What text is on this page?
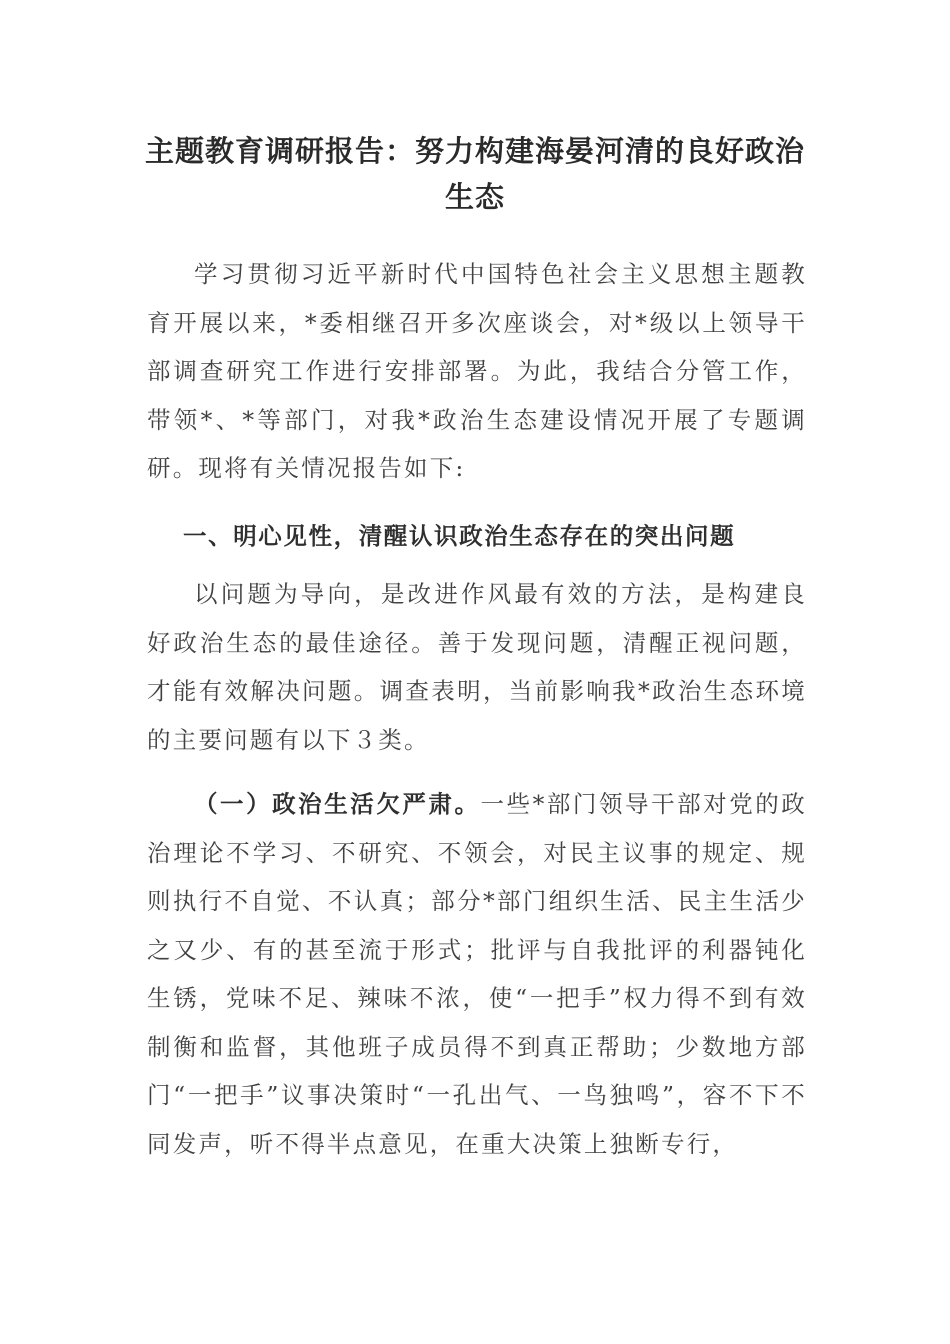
主题教育调研报告：努力构建海晏河清的良好政治
生态
学习贯彻习近平新时代中国特色社会主义思想主题教育开展以来，*委相继召开多次座谈会，对*级以上领导干部调查研究工作进行安排部署。为此，我结合分管工作，带领*、*等部门，对我*政治生态建设情况开展了专题调研。现将有关情况报告如下:
一、明心见性，清醒认识政治生态存在的突出问题
以问题为导向，是改进作风最有效的方法，是构建良好政治生态的最佳途径。善于发现问题，清醒正视问题，才能有效解决问题。调查表明，当前影响我*政治生态环境的主要问题有以下３类。
（一）政治生活欠严肃。一些*部门领导干部对党的政治理论不学习、不研究、不领会，对民主议事的规定、规则执行不自觉、不认真；部分*部门组织生活、民主生活少之又少、有的甚至流于形式；批评与自我批评的利器钝化生锈，党味不足、辣味不浓，使“一把手”权力得不到有效制衡和监督，其他班子成员得不到真正帮助；少数地方部门“一把手”议事决策时“一孔出气、一鸟独鸣”，容不下不同发声，听不得半点意见，在重大决策上独断专行，
